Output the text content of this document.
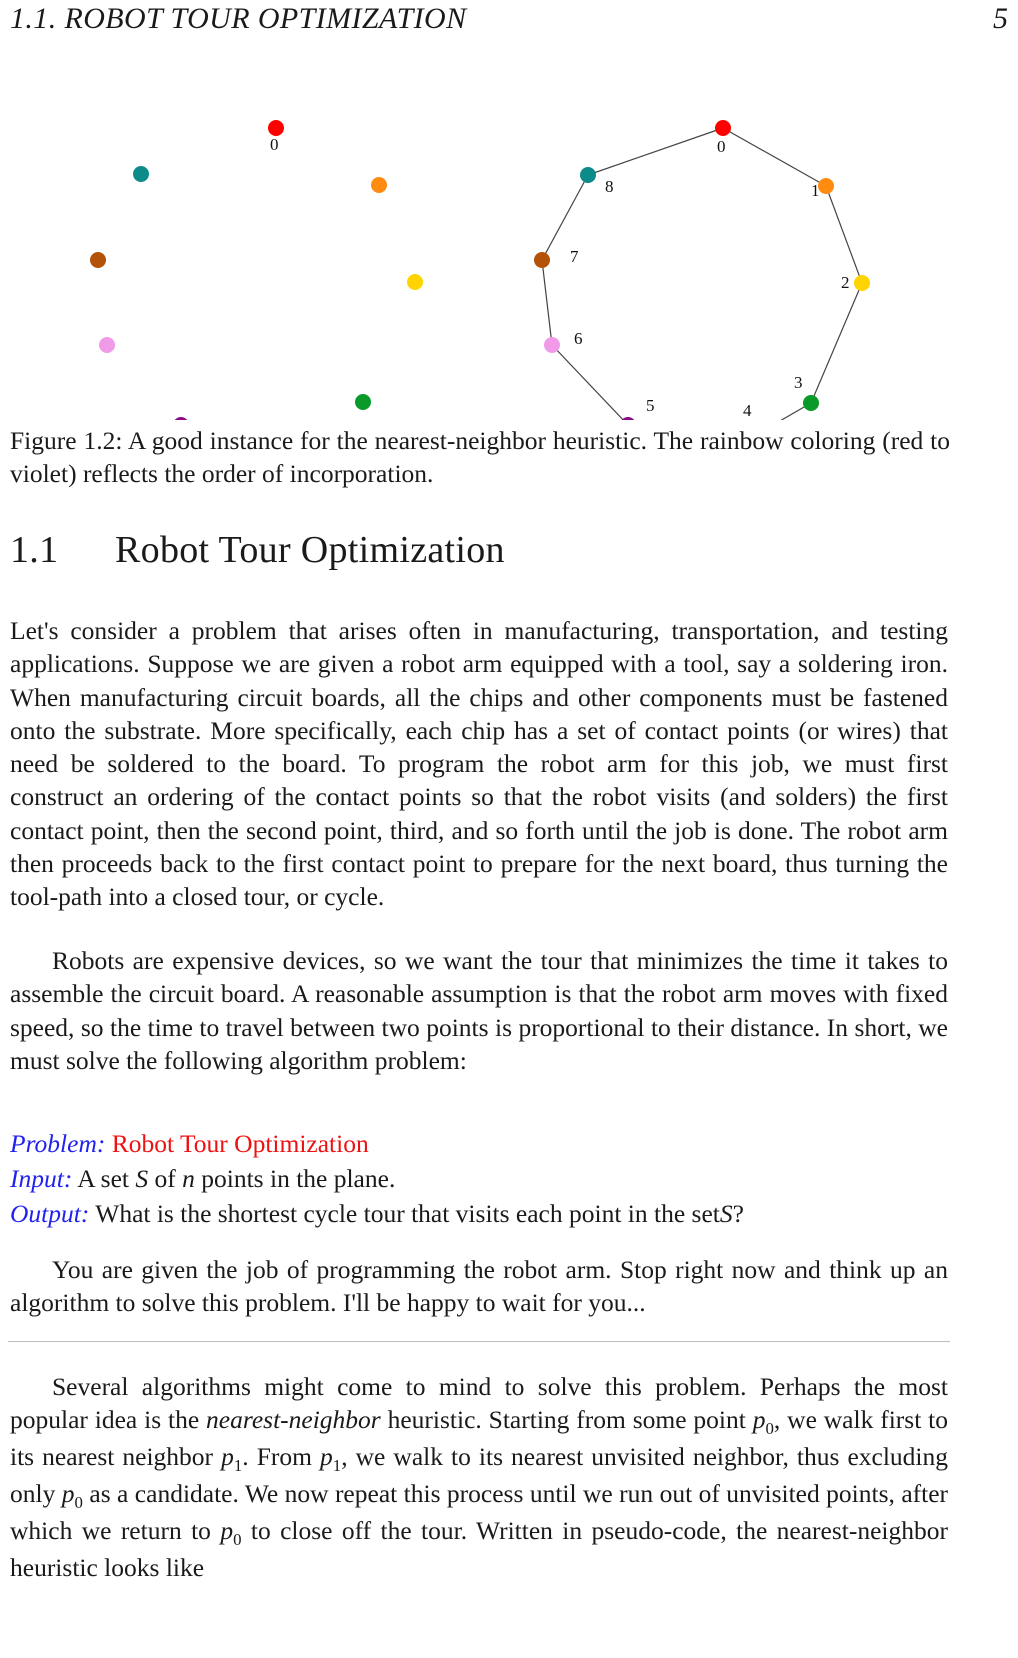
1.1. ROBOT TOUR OPTIMIZATION	5
0	0
1
2
3
4
5
6
7
8
Figure 1.2: A good instance for the nearest-neighbor heuristic. The rainbow coloring (red to violet) reflects the order of incorporation.
1.1 Robot Tour Optimization

Let's consider a problem that arises often in manufacturing, transportation, and testing applications. Suppose we are given a robot arm equipped with a tool, say a soldering iron. When manufacturing circuit boards, all the chips and other components must be fastened onto the substrate. More specifically, each chip has a set of contact points (or wires) that need be soldered to the board. To program the robot arm for this job, we must first construct an ordering of the contact points so that the robot visits (and solders) the first contact point, then the second point, third, and so forth until the job is done. The robot arm then proceeds back to the first contact point to prepare for the next board, thus turning the tool-path into a closed tour, or cycle.

Robots are expensive devices, so we want the tour that minimizes the time it takes to assemble the circuit board. A reasonable assumption is that the robot arm moves with fixed speed, so the time to travel between two points is proportional to their distance. In short, we must solve the following algorithm problem:

Problem: Robot Tour Optimization
Input: A set S of n points in the plane.
Output: What is the shortest cycle tour that visits each point in the setS?

You are given the job of programming the robot arm. Stop right now and think up an algorithm to solve this problem. I'll be happy to wait for you...

Several algorithms might come to mind to solve this problem. Perhaps the most popular idea is the nearest-neighbor heuristic. Starting from some point $p_0$, we walk first to its nearest neighbor $p_1$. From $p_1$, we walk to its nearest unvisited neighbor, thus excluding only $p_0$ as a candidate. We now repeat this process until we run out of unvisited points, after which we return to $p_0$ to close off the tour. Written in pseudo-code, the nearest-neighbor heuristic looks like
